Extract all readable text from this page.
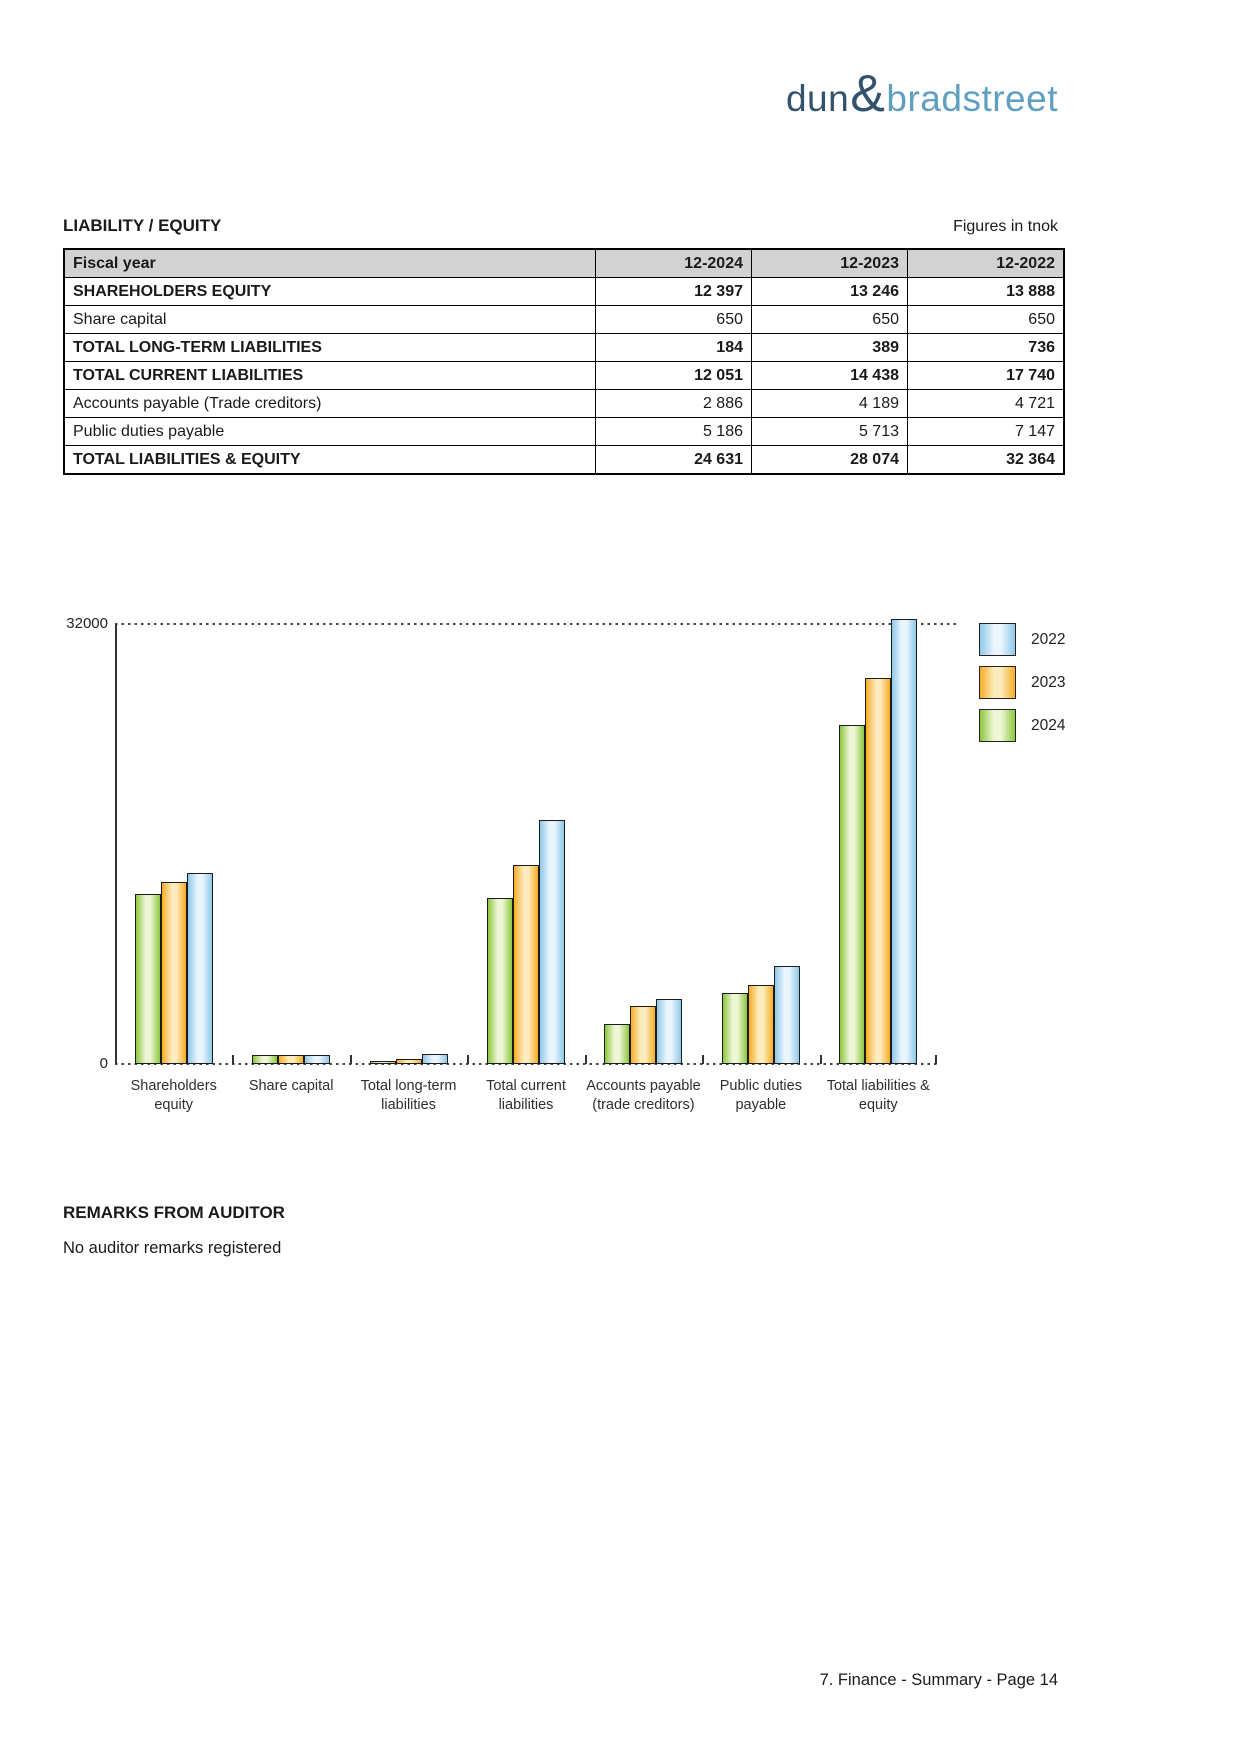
dun & bradstreet
LIABILITY / EQUITY	Figures in tnok
Fiscal year	12-2024	12-2023	12-2022
SHAREHOLDERS EQUITY	12 397	13 246	13 888
Share capital	650	650	650
TOTAL LONG-TERM LIABILITIES	184	389	736
TOTAL CURRENT LIABILITIES	12 051	14 438	17 740
Accounts payable (Trade creditors)	2 886	4 189	4 721
Public duties payable	5 186	5 713	7 147
TOTAL LIABILITIES & EQUITY	24 631	28 074	32 364
32000
0
Shareholders
equity
Share capital Total long-term
liabilities
Total current
liabilities
Accounts payable
(trade creditors)
Public duties
payable
Total liabilities &
equity
2022
2023
2024
REMARKS FROM AUDITOR
No auditor remarks registered
7. Finance - Summary - Page 14
